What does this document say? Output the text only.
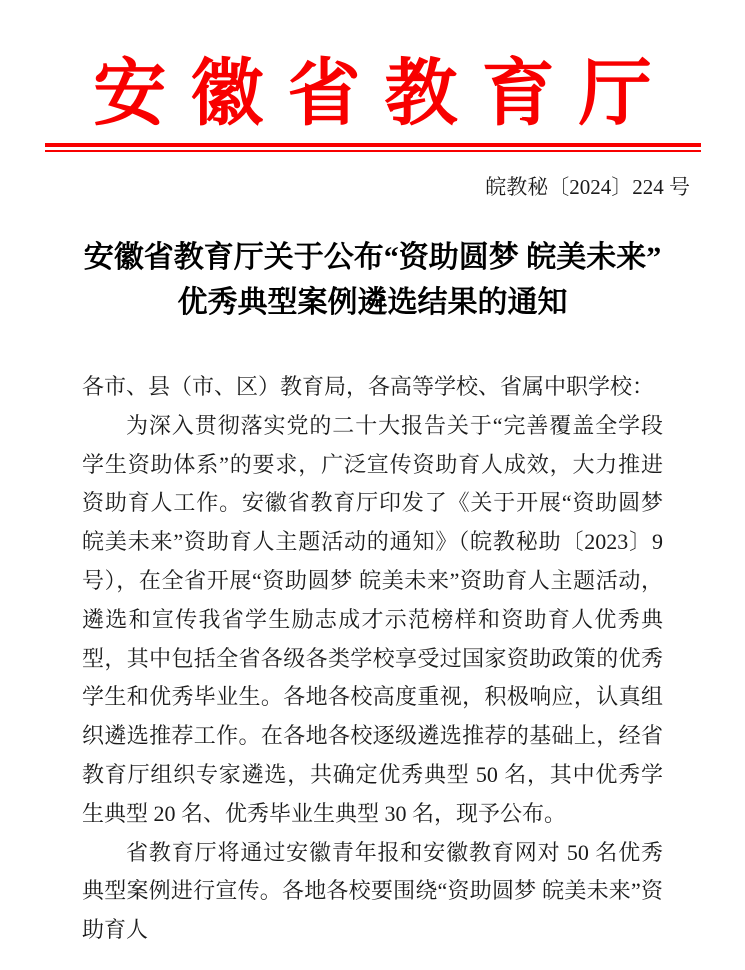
安徽省教育厅
皖教秘〔2024〕224 号
安徽省教育厅关于公布“资助圆梦 皖美未来”
优秀典型案例遴选结果的通知

各市、县（市、区）教育局，各高等学校、省属中职学校：

为深入贯彻落实党的二十大报告关于“完善覆盖全学段学生资助体系”的要求，广泛宣传资助育人成效，大力推进资助育人工作。安徽省教育厅印发了《关于开展“资助圆梦 皖美未来”资助育人主题活动的通知》（皖教秘助〔2023〕9 号），在全省开展“资助圆梦 皖美未来”资助育人主题活动，遴选和宣传我省学生励志成才示范榜样和资助育人优秀典型，其中包括全省各级各类学校享受过国家资助政策的优秀学生和优秀毕业生。各地各校高度重视，积极响应，认真组织遴选推荐工作。在各地各校逐级遴选推荐的基础上，经省教育厅组织专家遴选，共确定优秀典型 50 名，其中优秀学生典型 20 名、优秀毕业生典型 30 名，现予公布。

省教育厅将通过安徽青年报和安徽教育网对 50 名优秀典型案例进行宣传。各地各校要围绕“资助圆梦 皖美未来”资助育人
